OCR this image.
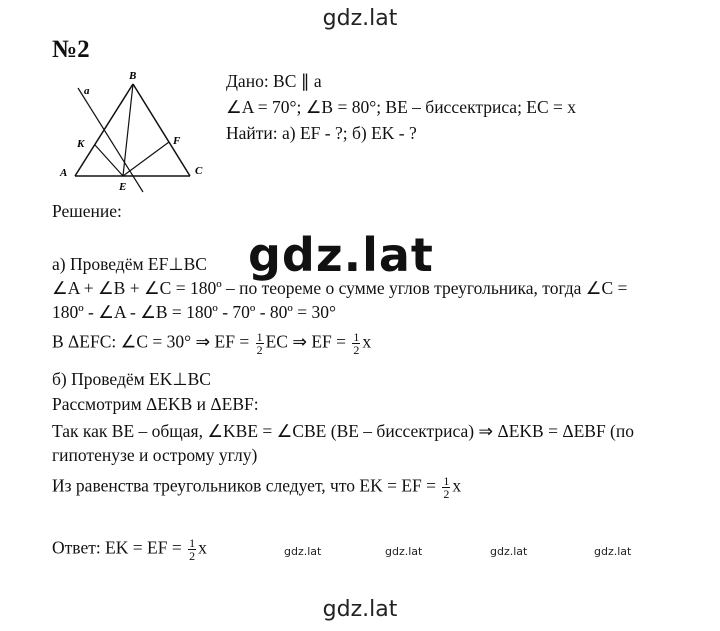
gdz.lat
№2
a
B
K	F
A
E
C
Дано: BC ∥ a
∠A = 70°; ∠B = 80°; BE – биссектриса; EC = x
Найти: а) EF - ?; б) EK - ?
Решение:
а) Проведём EF⊥BC gdz.lat
∠A + ∠B + ∠C = 180º – по теореме о сумме углов треугольника, тогда ∠C =
180º - ∠A - ∠B = 180º - 70º - 80º = 30°
В ΔEFC: ∠C = 30° ⇒ EF = $\frac{1}{2}$ EC ⇒ EF = $\frac{1}{2}$ x
б) Проведём EK⊥BC
Рассмотрим ΔEKB и ΔEBF:
Так как BE – общая, ∠KBE = ∠CBE (BE – биссектриса) ⇒ ΔEKB = ΔEBF (по
гипотенузе и острому углу)
Из равенства треугольников следует, что EK = EF = $\frac{1}{2}$ x
Ответ: EK = EF = $\frac{1}{2}$ x	gdz.lat	gdz.lat	gdz.lat	gdz.lat
gdz.lat
